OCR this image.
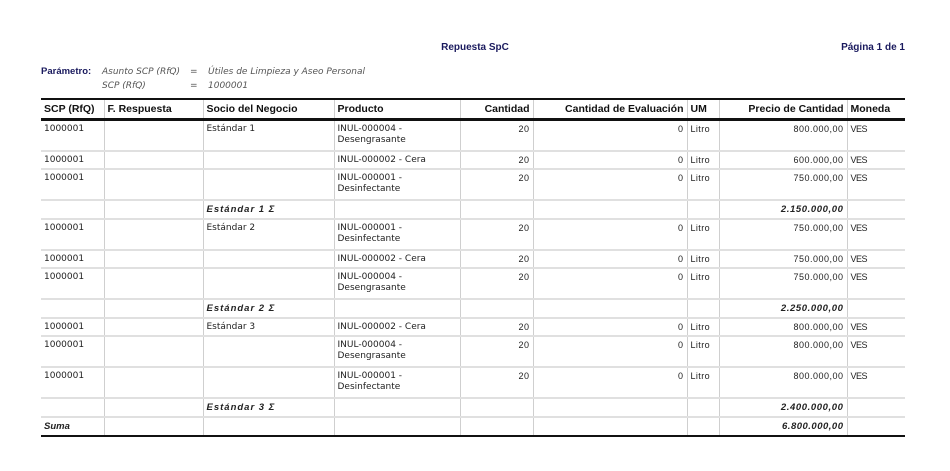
Repuesta SpC	Página 1 de 1
Parámetro:	Asunto SCP (RfQ)	=	Útiles de Limpieza y Aseo Personal
SCP (RfQ)	=	1000001
SCP (RfQ)	F. Respuesta	Socio del Negocio	Producto	Cantidad	Cantidad de Evaluación	UM	Precio de Cantidad	Moneda
1000001		Estándar 1	INUL-000004 -
Desengrasante	20	0	Litro	800.000,00	VES
1000001			INUL-000002 - Cera	20	0	Litro	600.000,00	VES
1000001			INUL-000001 -
Desinfectante	20	0	Litro	750.000,00	VES
		Estándar 1 Σ					2.150.000,00	
1000001		Estándar 2	INUL-000001 -
Desinfectante	20	0	Litro	750.000,00	VES
1000001			INUL-000002 - Cera	20	0	Litro	750.000,00	VES
1000001			INUL-000004 -
Desengrasante	20	0	Litro	750.000,00	VES
		Estándar 2 Σ					2.250.000,00	
1000001		Estándar 3	INUL-000002 - Cera	20	0	Litro	800.000,00	VES
1000001			INUL-000004 -
Desengrasante	20	0	Litro	800.000,00	VES
1000001			INUL-000001 -
Desinfectante	20	0	Litro	800.000,00	VES
		Estándar 3 Σ					2.400.000,00	
Suma							6.800.000,00	
